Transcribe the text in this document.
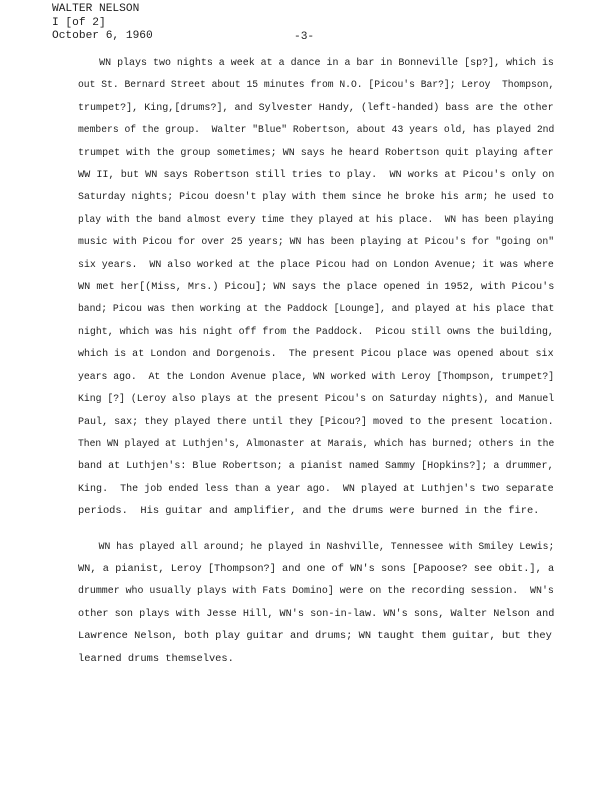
WALTER NELSON
I [of 2]
October 6, 1960	-3-
WN plays two nights a week at a dance in a bar in Bonneville [sp?], which is
out St. Bernard Street about 15 minutes from N.O. [Picou's Bar?]; Leroy  Thompson,
trumpet?], King,[drums?], and Sylvester Handy, (left-handed) bass are the other
members of the group.  Walter "Blue" Robertson, about 43 years old, has played 2nd
trumpet with the group sometimes; WN says he heard Robertson quit playing after
WW II, but WN says Robertson still tries to play.  WN works at Picou's only on
Saturday nights; Picou doesn't play with them since he broke his arm; he used to
play with the band almost every time they played at his place.  WN has been playing
music with Picou for over 25 years; WN has been playing at Picou's for "going on"
six years.  WN also worked at the place Picou had on London Avenue; it was where
WN met her[(Miss, Mrs.) Picou]; WN says the place opened in 1952, with Picou's
band; Picou was then working at the Paddock [Lounge], and played at his place that
night, which was his night off from the Paddock.  Picou still owns the building,
which is at London and Dorgenois.  The present Picou place was opened about six
years ago.  At the London Avenue place, WN worked with Leroy [Thompson, trumpet?]
King [?] (Leroy also plays at the present Picou's on Saturday nights), and Manuel
Paul, sax; they played there until they [Picou?] moved to the present location.
Then WN played at Luthjen's, Almonaster at Marais, which has burned; others in the
band at Luthjen's: Blue Robertson; a pianist named Sammy [Hopkins?]; a drummer,
King.  The job ended less than a year ago.  WN played at Luthjen's two separate
periods.  His guitar and amplifier, and the drums were burned in the fire.
WN has played all around; he played in Nashville, Tennessee with Smiley Lewis;
WN, a pianist, Leroy [Thompson?] and one of WN's sons [Papoose? see obit.], a
drummer who usually plays with Fats Domino] were on the recording session.  WN's
other son plays with Jesse Hill, WN's son-in-law. WN's sons, Walter Nelson and
Lawrence Nelson, both play guitar and drums; WN taught them guitar, but they
learned drums themselves.
